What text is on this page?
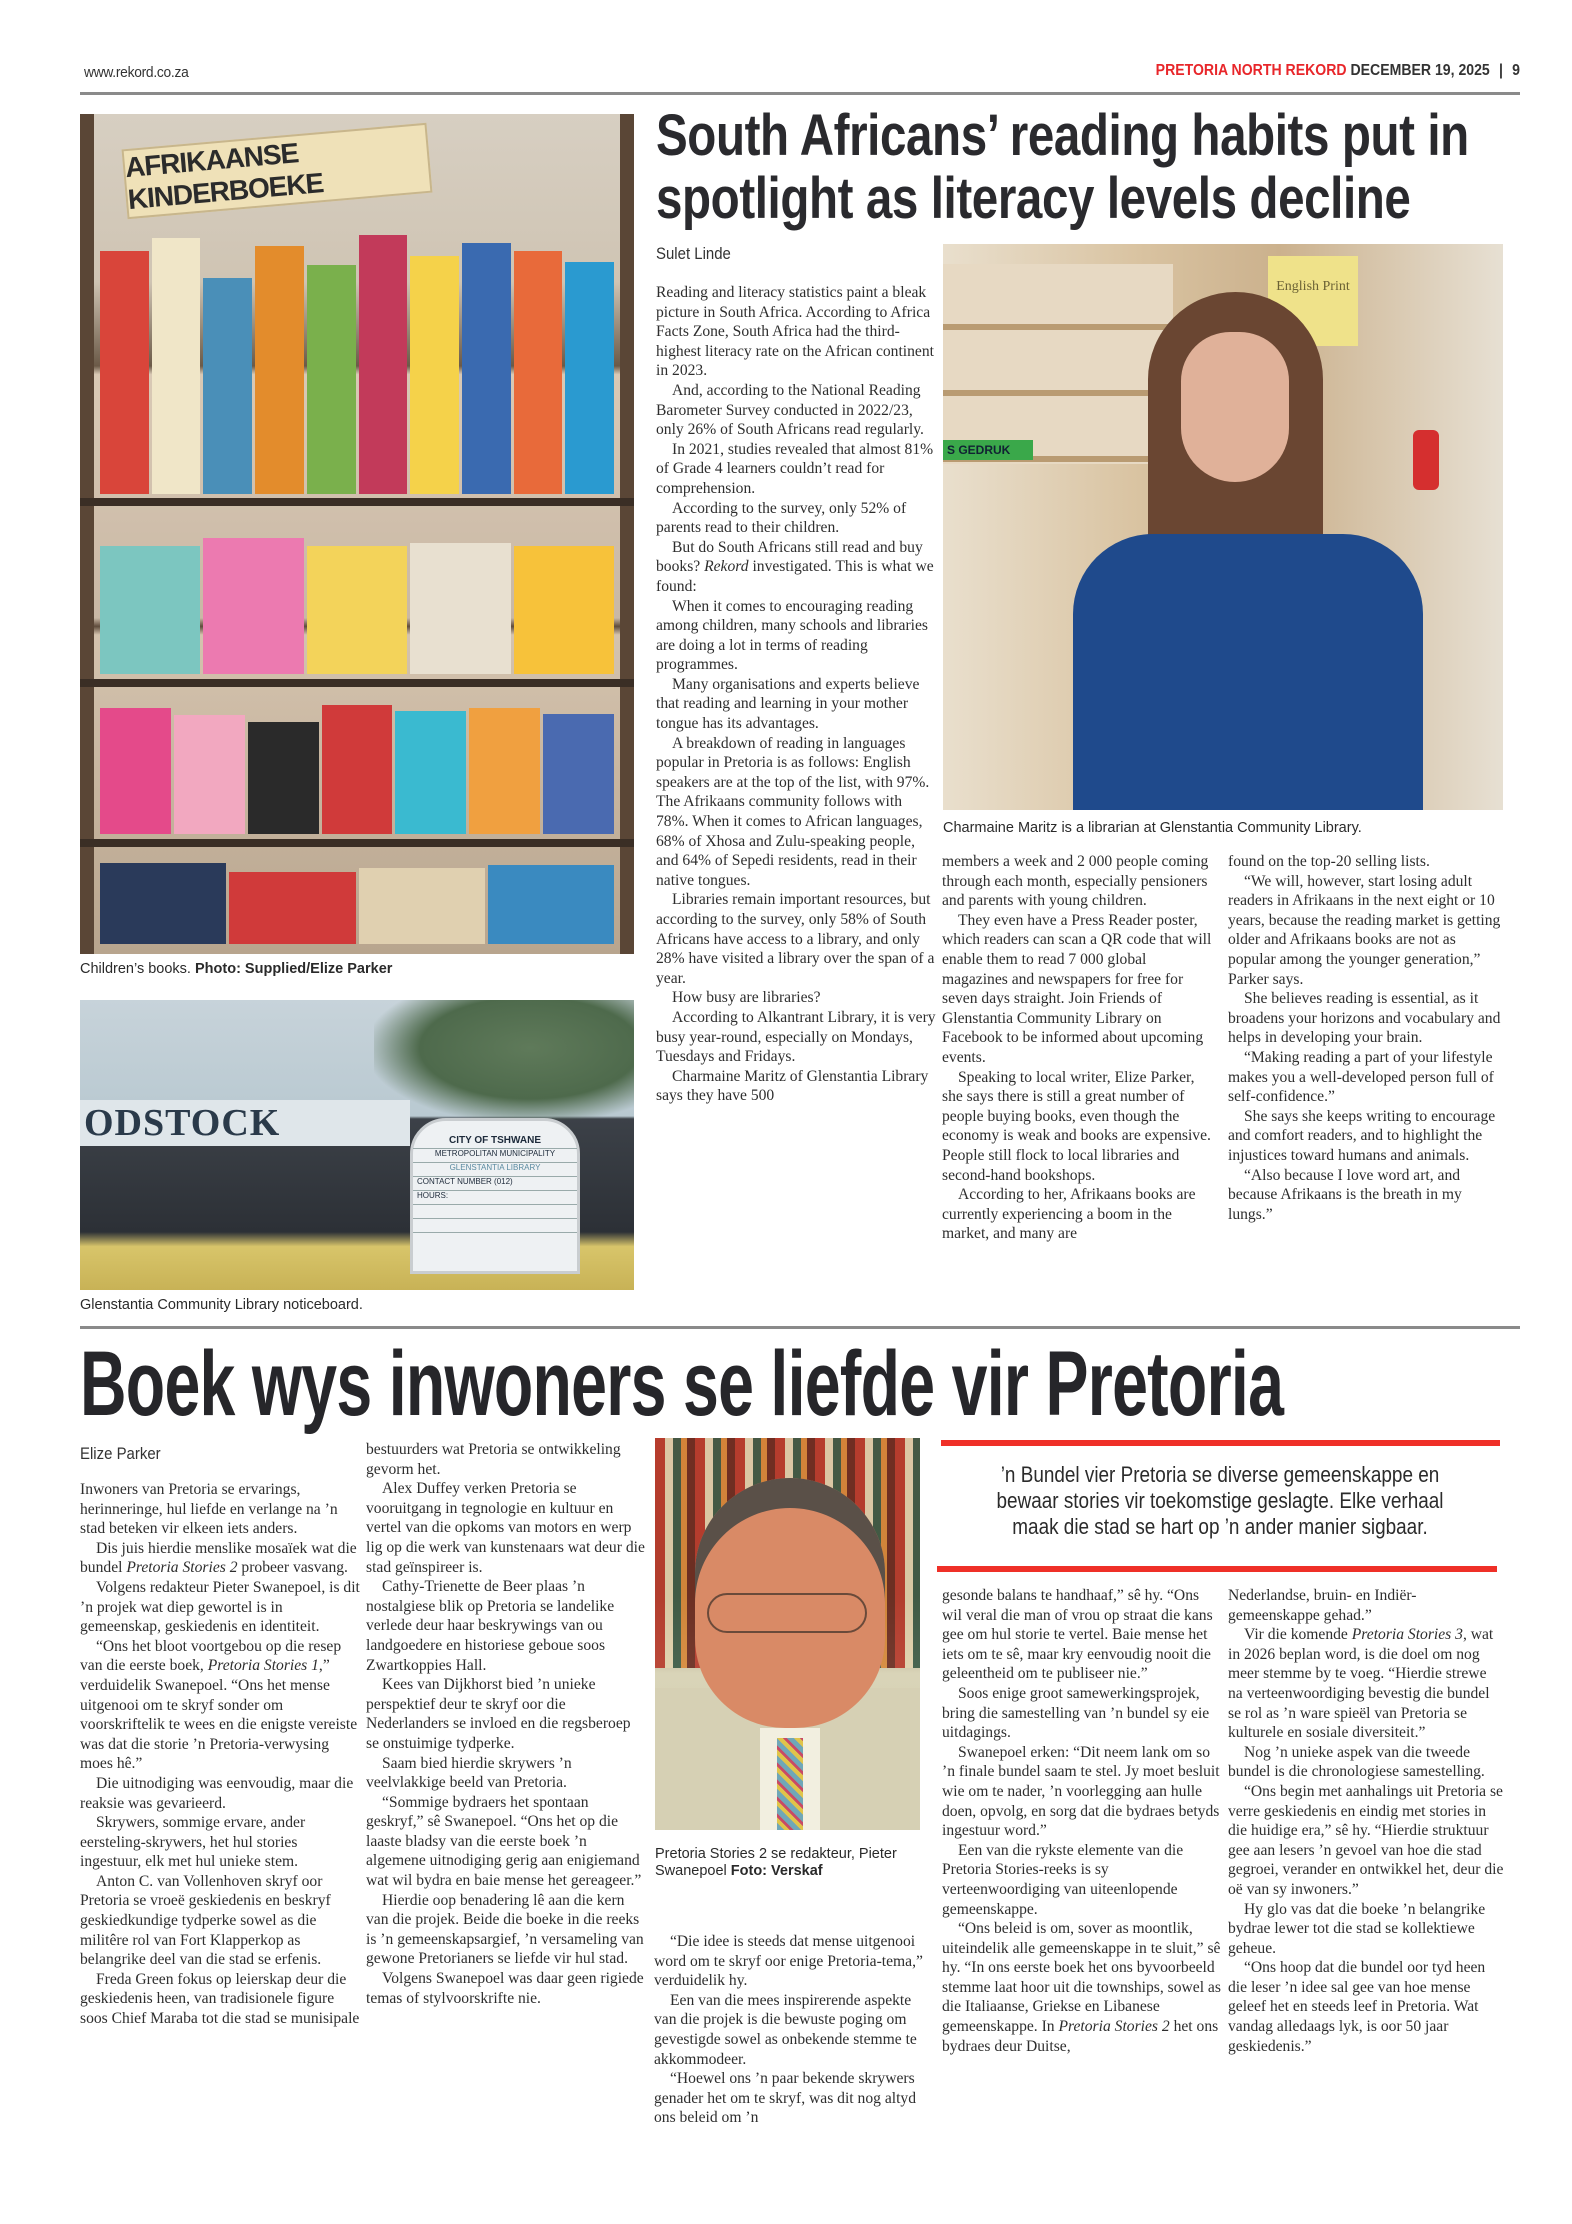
www.rekord.co.za	PRETORIA NORTH REKORD DECEMBER 19, 2025 | 9
AFRIKAANSE KINDERBOEKE
Children’s books. Photo: Supplied/Elize Parker
ODSTOCK	CITY OF TSHWANE
METROPOLITAN MUNICIPALITY
GLENSTANTIA LIBRARY
CONTACT NUMBER (012)
HOURS:
Glenstantia Community Library noticeboard.
South Africans’ reading habits put in spotlight as literacy levels decline
Sulet Linde

Reading and literacy statistics paint a bleak picture in South Africa. According to Africa Facts Zone, South Africa had the third-highest literacy rate on the African continent in 2023.

And, according to the National Reading Barometer Survey conducted in 2022/23, only 26% of South Africans read regularly.

In 2021, studies revealed that almost 81% of Grade 4 learners couldn’t read for comprehension.

According to the survey, only 52% of parents read to their children.

But do South Africans still read and buy books? Rekord investigated. This is what we found:

When it comes to encouraging reading among children, many schools and libraries are doing a lot in terms of reading programmes.

Many organisations and experts believe that reading and learning in your mother tongue has its advantages.

A breakdown of reading in languages popular in Pretoria is as follows: English speakers are at the top of the list, with 97%. The Afrikaans community follows with 78%. When it comes to African languages, 68% of Xhosa and Zulu-speaking people, and 64% of Sepedi residents, read in their native tongues.

Libraries remain important resources, but according to the survey, only 58% of South Africans have access to a library, and only 28% have visited a library over the span of a year.

How busy are libraries?

According to Alkantrant Library, it is very busy year-round, especially on Mondays, Tuesdays and Fridays.

Charmaine Maritz of Glenstantia Library says they have 500

English Print
S GEDRUK
Charmaine Maritz is a librarian at Glenstantia Community Library.

members a week and 2 000 people coming through each month, especially pensioners and parents with young children.

They even have a Press Reader poster, which readers can scan a QR code that will enable them to read 7 000 global magazines and newspapers for free for seven days straight. Join Friends of Glenstantia Community Library on Facebook to be informed about upcoming events.

Speaking to local writer, Elize Parker, she says there is still a great number of people buying books, even though the economy is weak and books are expensive. People still flock to local libraries and second-hand bookshops.

According to her, Afrikaans books are currently experiencing a boom in the market, and many are

found on the top-20 selling lists.

“We will, however, start losing adult readers in Afrikaans in the next eight or 10 years, because the reading market is getting older and Afrikaans books are not as popular among the younger generation,” Parker says.

She believes reading is essential, as it broadens your horizons and vocabulary and helps in developing your brain.

“Making reading a part of your lifestyle makes you a well-developed person full of self-confidence.”

She says she keeps writing to encourage and comfort readers, and to highlight the injustices toward humans and animals.

“Also because I love word art, and because Afrikaans is the breath in my lungs.”

Boek wys inwoners se liefde vir Pretoria
Elize Parker

Inwoners van Pretoria se ervarings, herinneringe, hul liefde en verlange na ’n stad beteken vir elkeen iets anders.

Dis juis hierdie menslike mosaïek wat die bundel Pretoria Stories 2 probeer vasvang.

Volgens redakteur Pieter Swanepoel, is dit ’n projek wat diep gewortel is in gemeenskap, geskiedenis en identiteit.

“Ons het bloot voortgebou op die resep van die eerste boek, Pretoria Stories 1,” verduidelik Swanepoel. “Ons het mense uitgenooi om te skryf sonder om voorskriftelik te wees en die enigste vereiste was dat die storie ’n Pretoria-verwysing moes hê.”

Die uitnodiging was eenvoudig, maar die reaksie was gevarieerd.

Skrywers, sommige ervare, ander eersteling-skrywers, het hul stories ingestuur, elk met hul unieke stem.

Anton C. van Vollenhoven skryf oor Pretoria se vroeë geskiedenis en beskryf geskiedkundige tydperke sowel as die militêre rol van Fort Klapperkop as belangrike deel van die stad se erfenis.

Freda Green fokus op leierskap deur die geskiedenis heen, van tradisionele figure soos Chief Maraba tot die stad se munisipale

bestuurders wat Pretoria se ontwikkeling gevorm het.

Alex Duffey verken Pretoria se vooruitgang in tegnologie en kultuur en vertel van die opkoms van motors en werp lig op die werk van kunstenaars wat deur die stad geïnspireer is.

Cathy-Trienette de Beer plaas ’n nostalgiese blik op Pretoria se landelike verlede deur haar beskrywings van ou landgoedere en historiese geboue soos Zwartkoppies Hall.

Kees van Dijkhorst bied ’n unieke perspektief deur te skryf oor die Nederlanders se invloed en die regsberoep se onstuimige tydperke.

Saam bied hierdie skrywers ’n veelvlakkige beeld van Pretoria.

“Sommige bydraers het spontaan geskryf,” sê Swanepoel. “Ons het op die laaste bladsy van die eerste boek ’n algemene uitnodiging gerig aan enigiemand wat wil bydra en baie mense het gereageer.”

Hierdie oop benadering lê aan die kern van die projek. Beide die boeke in die reeks is ’n gemeenskapsargief, ’n versameling van gewone Pretorianers se liefde vir hul stad.

Volgens Swanepoel was daar geen rigiede temas of stylvoorskrifte nie.

Pretoria Stories 2 se redakteur, Pieter Swanepoel Foto: Verskaf

“Die idee is steeds dat mense uitgenooi word om te skryf oor enige Pretoria-tema,” verduidelik hy.

Een van die mees inspirerende aspekte van die projek is die bewuste poging om gevestigde sowel as onbekende stemme te akkommodeer.

“Hoewel ons ’n paar bekende skrywers genader het om te skryf, was dit nog altyd ons beleid om ’n

’n Bundel vier Pretoria se diverse gemeenskappe en bewaar stories vir toekomstige geslagte. Elke verhaal maak die stad se hart op ’n ander manier sigbaar.

gesonde balans te handhaaf,” sê hy. “Ons wil veral die man of vrou op straat die kans gee om hul storie te vertel. Baie mense het iets om te sê, maar kry eenvoudig nooit die geleentheid om te publiseer nie.”

Soos enige groot samewerkingsprojek, bring die samestelling van ’n bundel sy eie uitdagings.

Swanepoel erken: “Dit neem lank om so ’n finale bundel saam te stel. Jy moet besluit wie om te nader, ’n voorlegging aan hulle doen, opvolg, en sorg dat die bydraes betyds ingestuur word.”

Een van die rykste elemente van die Pretoria Stories-reeks is sy verteenwoordiging van uiteenlopende gemeenskappe.

“Ons beleid is om, sover as moontlik, uiteindelik alle gemeenskappe in te sluit,” sê hy. “In ons eerste boek het ons byvoorbeeld stemme laat hoor uit die townships, sowel as die Italiaanse, Griekse en Libanese gemeenskappe. In Pretoria Stories 2 het ons bydraes deur Duitse,

Nederlandse, bruin- en Indiër-gemeenskappe gehad.”

Vir die komende Pretoria Stories 3, wat in 2026 beplan word, is die doel om nog meer stemme by te voeg. “Hierdie strewe na verteenwoordiging bevestig die bundel se rol as ’n ware spieël van Pretoria se kulturele en sosiale diversiteit.”

Nog ’n unieke aspek van die tweede bundel is die chronologiese samestelling.

“Ons begin met aanhalings uit Pretoria se verre geskiedenis en eindig met stories in die huidige era,” sê hy. “Hierdie struktuur gee aan lesers ’n gevoel van hoe die stad gegroei, verander en ontwikkel het, deur die oë van sy inwoners.”

Hy glo vas dat die boeke ’n belangrike bydrae lewer tot die stad se kollektiewe geheue.

“Ons hoop dat die bundel oor tyd heen die leser ’n idee sal gee van hoe mense geleef het en steeds leef in Pretoria. Wat vandag alledaags lyk, is oor 50 jaar geskiedenis.”
